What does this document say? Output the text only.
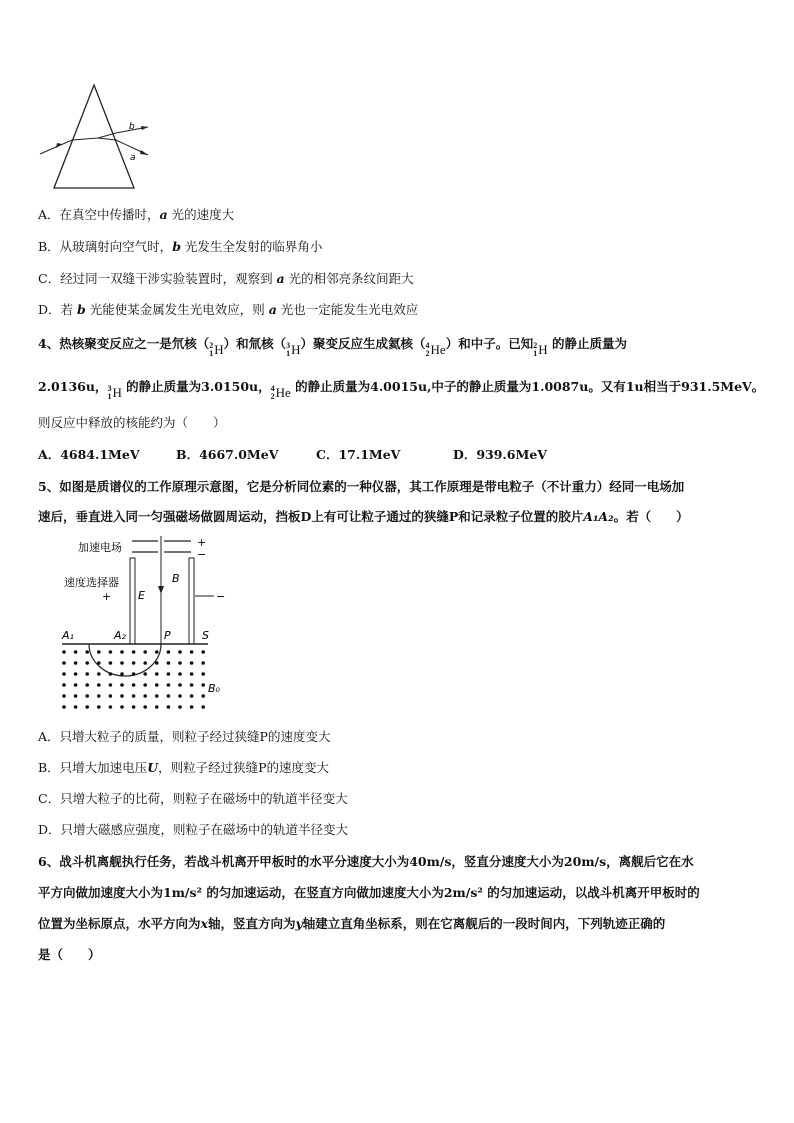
b
a
A．在真空中传播时，a 光的速度大
B．从玻璃射向空气时，b 光发生全发射的临界角小
C．经过同一双缝干涉实验装置时，观察到 a 光的相邻亮条纹间距大
D．若 b 光能使某金属发生光电效应，则 a 光也一定能发生光电效应
4、热核聚变反应之一是氘核（ 2
1 H ）和氚核（ 3
1 H ）聚变反应生成氦核（ 4
2 He ）和中子。已知 2
1 H 的静止质量为
2.0136u， 3
1 H 的静止质量为3.0150u， 4
2 He 的静止质量为4.0015u,中子的静止质量为1.0087u。又有1u相当于931.5MeV。
则反应中释放的核能约为（　　）
A．4684.1MeV	B．4667.0MeV	C．17.1MeV	D．939.6MeV
5、如图是质谱仪的工作原理示意图，它是分析同位素的一种仪器，其工作原理是带电粒子（不计重力）经同一电场加
速后，垂直进入同一匀强磁场做圆周运动，挡板D上有可让粒子通过的狭缝P和记录粒子位置的胶片A₁A₂。若（　　）
加速电场	+
−
速度选择器
+ E
B
−
A₁	A₂	P	S
B₀
A．只增大粒子的质量，则粒子经过狭缝P的速度变大
B．只增大加速电压U，则粒子经过狭缝P的速度变大
C．只增大粒子的比荷，则粒子在磁场中的轨道半径变大
D．只增大磁感应强度，则粒子在磁场中的轨道半径变大
6、战斗机离舰执行任务，若战斗机离开甲板时的水平分速度大小为40m/s，竖直分速度大小为20m/s，离舰后它在水
平方向做加速度大小为1m/s² 的匀加速运动，在竖直方向做加速度大小为2m/s² 的匀加速运动，以战斗机离开甲板时的
位置为坐标原点，水平方向为x轴，竖直方向为y轴建立直角坐标系，则在它离舰后的一段时间内，下列轨迹正确的
是（　　）
